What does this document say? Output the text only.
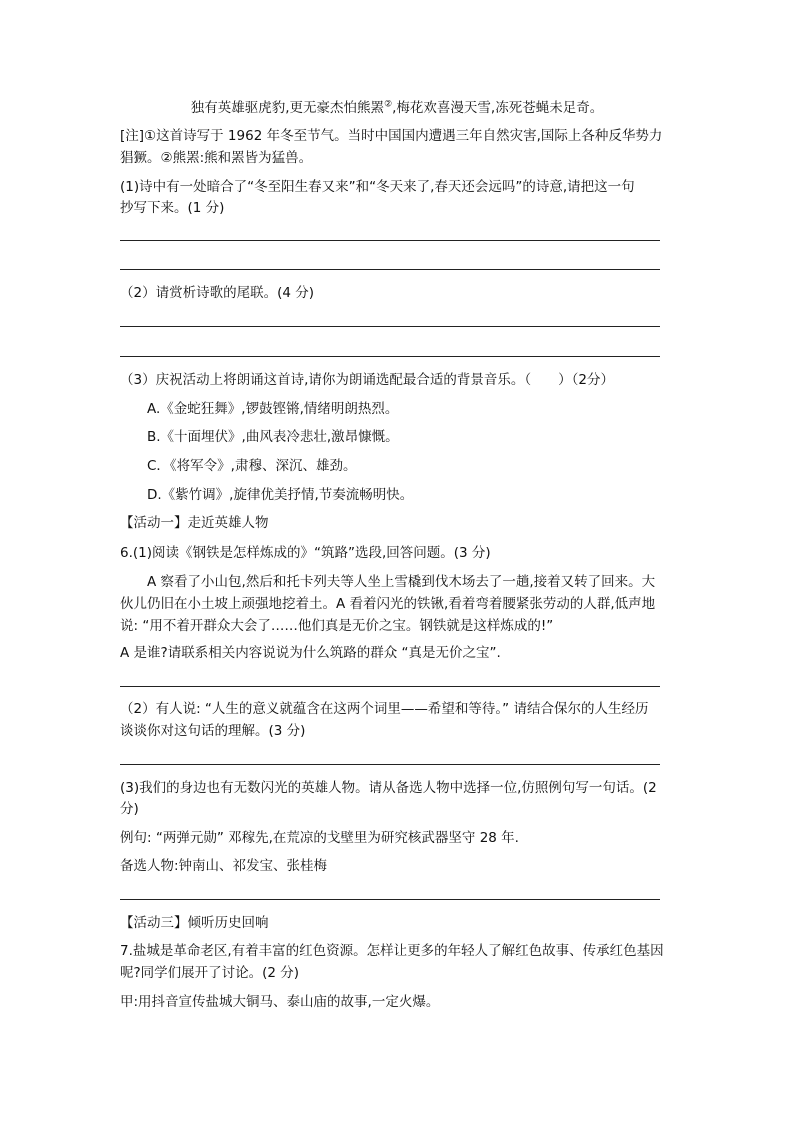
独有英雄驱虎豹,更无豪杰怕熊罴②,梅花欢喜漫天雪,冻死苍蝇未足奇。
[注]①这首诗写于 1962 年冬至节气。当时中国国内遭遇三年自然灾害,国际上各种反华势力
猖獗。②熊罴:熊和罴皆为猛兽。
(1)诗中有一处暗合了“冬至阳生春又来”和“冬天来了,春天还会远吗”的诗意,请把这一句
抄写下来。(1 分)
（2）请赏析诗歌的尾联。(4 分)
（3）庆祝活动上将朗诵这首诗,请你为朗诵选配最合适的背景音乐。（　　）（2分）
A.《金蛇狂舞》,锣鼓铿锵,情绪明朗热烈。
B.《十面埋伏》,曲风表冷悲壮,激昂慷慨。
C．《将军令》,肃穆、深沉、雄劲。
D.《紫竹调》,旋律优美抒情,节奏流畅明快。
【活动一】走近英雄人物
6.(1)阅读《钢铁是怎样炼成的》“筑路”选段,回答问题。(3 分)
A 察看了小山包,然后和托卡列夫等人坐上雪橇到伐木场去了一趟,接着又转了回来。大
伙儿仍旧在小土坡上顽强地挖着土。A 看着闪光的铁锹,看着弯着腰紧张劳动的人群,低声地
说: “用不着开群众大会了……他们真是无价之宝。钢铁就是这样炼成的!”
A 是谁?请联系相关内容说说为什么筑路的群众 “真是无价之宝”.
（2）有人说: “人生的意义就蕴含在这两个词里——希望和等待。” 请结合保尔的人生经历
谈谈你对这句话的理解。(3 分)
(3)我们的身边也有无数闪光的英雄人物。请从备选人物中选择一位,仿照例句写一句话。(2
分)
例句: “两弹元勋” 邓稼先,在荒凉的戈壁里为研究核武器坚守 28 年.
备选人物:钟南山、祁发宝、张桂梅
【活动三】倾听历史回响
7.盐城是革命老区,有着丰富的红色资源。怎样让更多的年轻人了解红色故事、传承红色基因
呢?同学们展开了讨论。(2 分)
甲:用抖音宣传盐城大铜马、泰山庙的故事,一定火爆。
